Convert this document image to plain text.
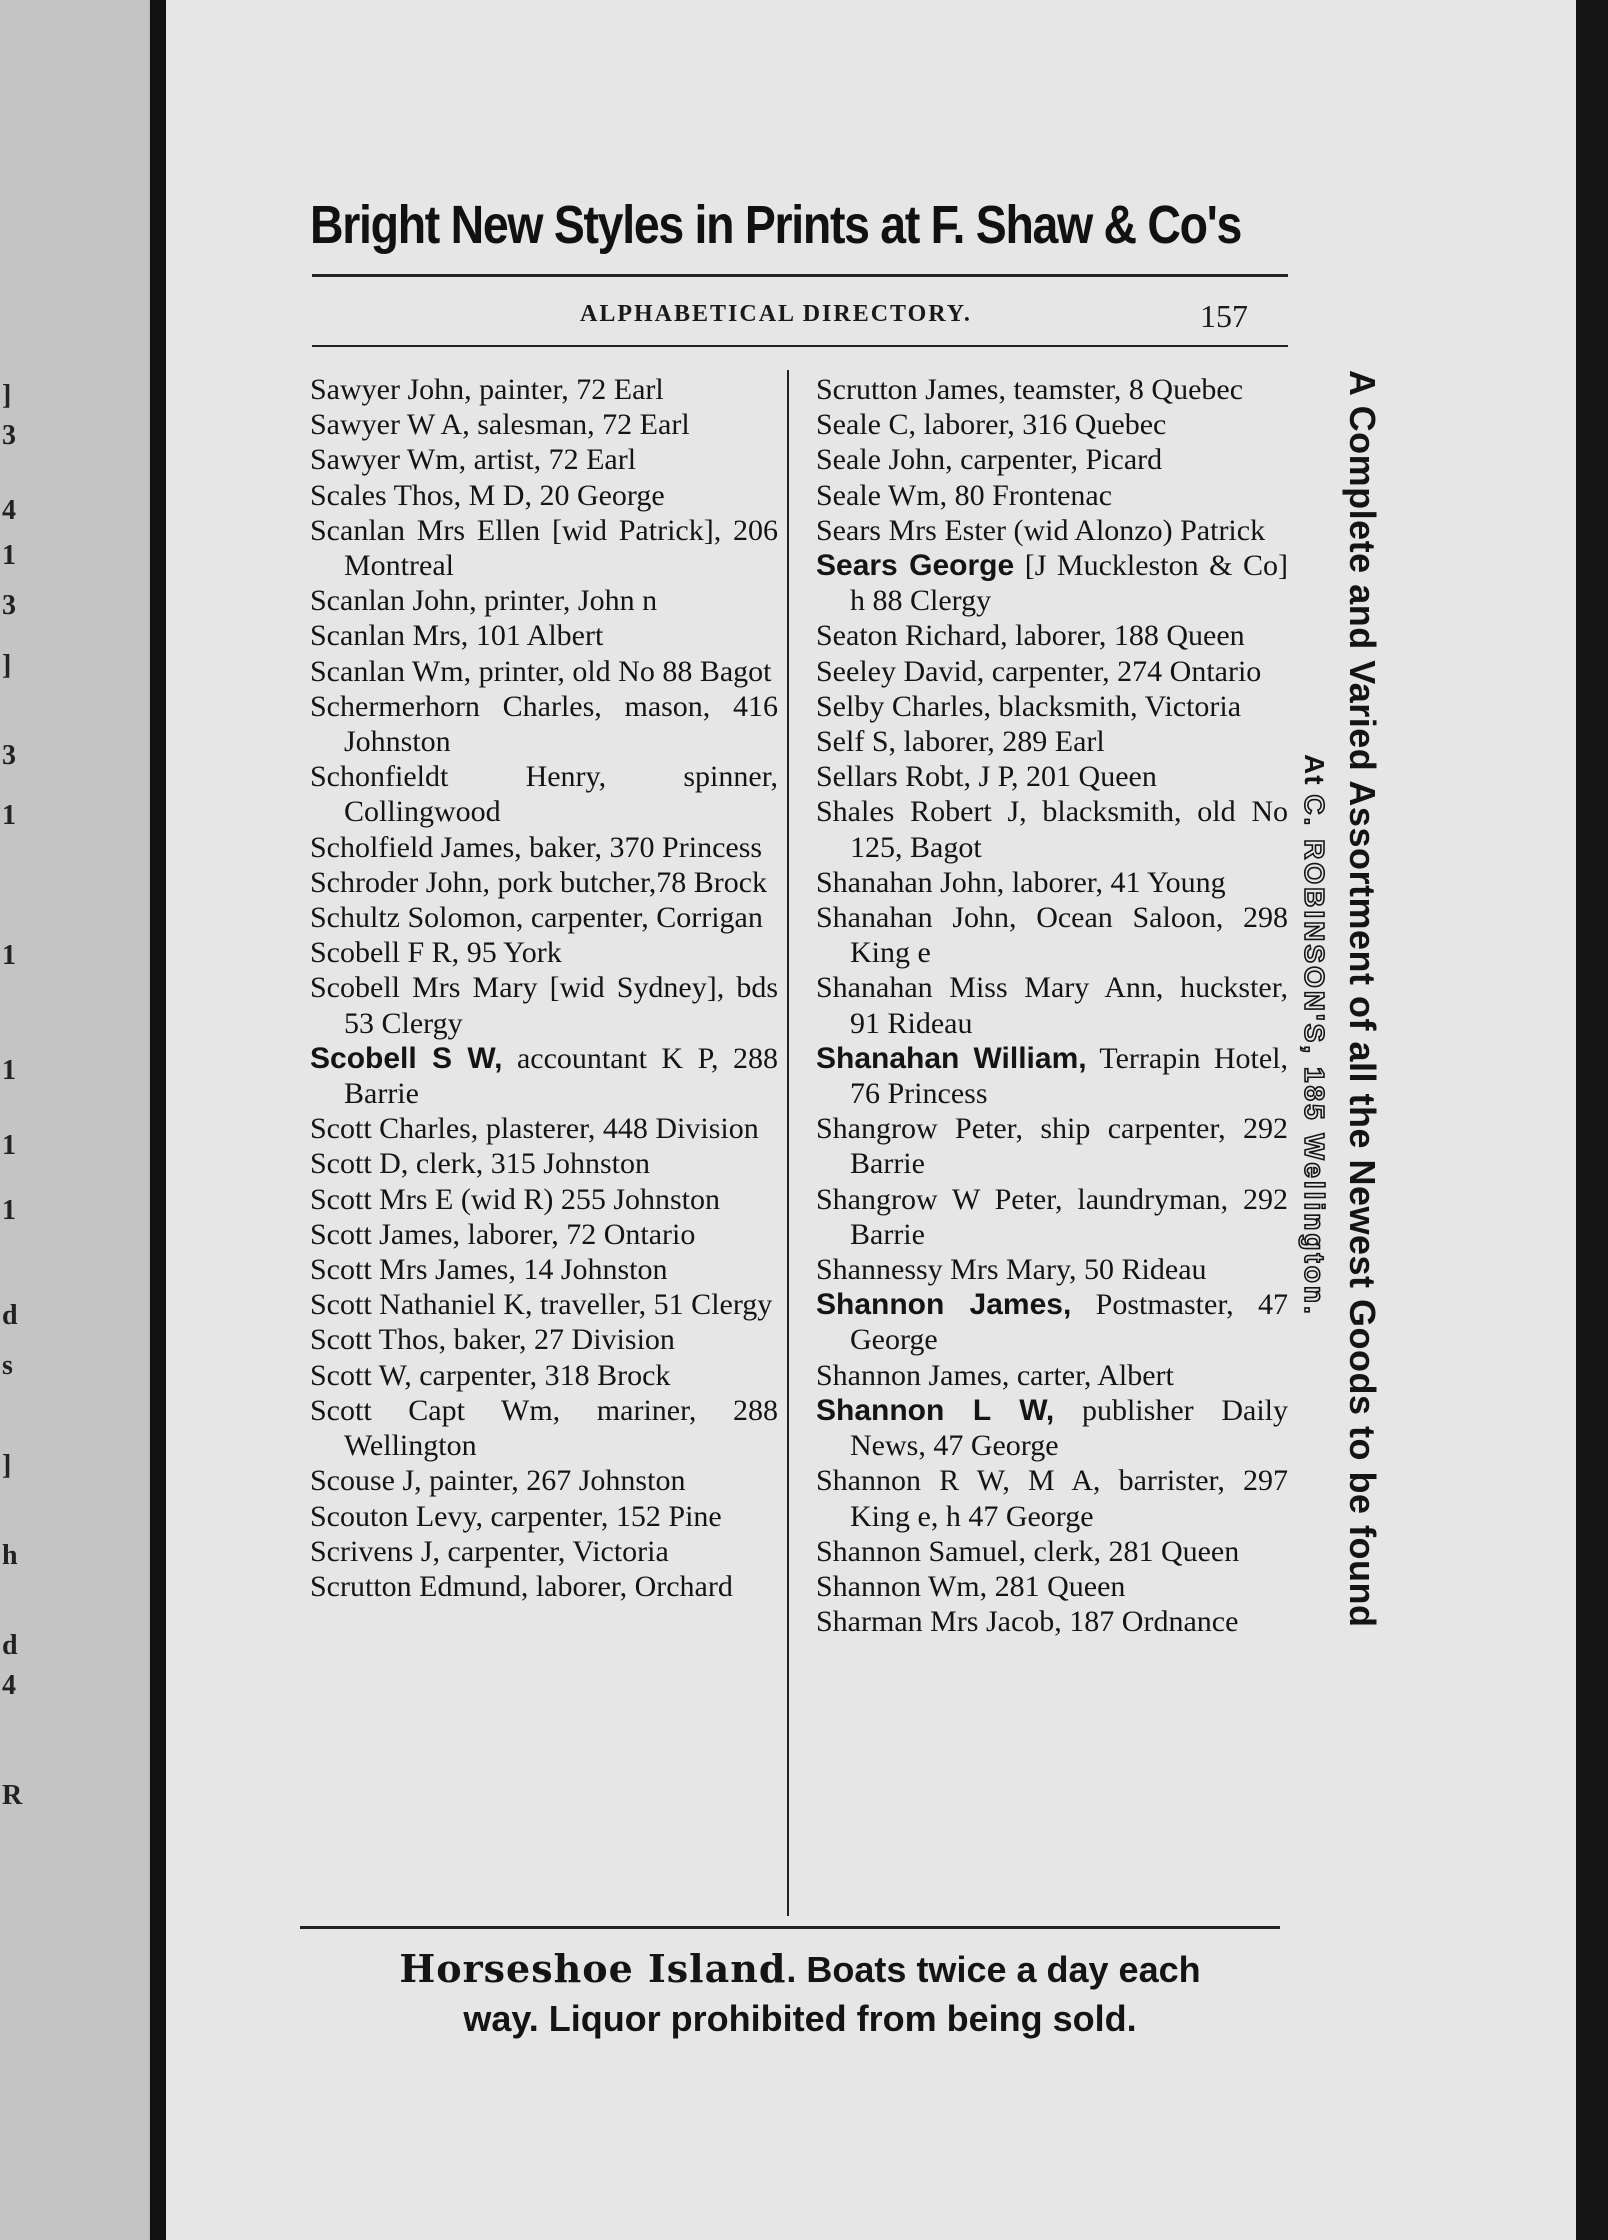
]
3
4
1
3
]
3
1
1
1
1
1
d
s
]
h
d
4
R
Bright New Styles in Prints at F. Shaw & Co's
ALPHABETICAL DIRECTORY.	157
Sawyer John, painter, 72 Earl
Sawyer W A, salesman, 72 Earl
Sawyer Wm, artist, 72 Earl
Scales Thos, M D, 20 George
Scanlan Mrs Ellen [wid Patrick], 206 Montreal
Scanlan John, printer, John n
Scanlan Mrs, 101 Albert
Scanlan Wm, printer, old No 88 Bagot
Schermerhorn Charles, mason, 416 Johnston
Schonfieldt Henry,	spinner, Collingwood
Scholfield James, baker, 370 Princess
Schroder John, pork butcher,78 Brock
Schultz Solomon, carpenter, Corrigan
Scobell F R, 95 York
Scobell Mrs Mary [wid Sydney], bds 53 Clergy
Scobell S W, accountant K P, 288 Barrie
Scott Charles, plasterer, 448 Division
Scott D, clerk, 315 Johnston
Scott Mrs E (wid R) 255 Johnston
Scott James, laborer, 72 Ontario
Scott Mrs James, 14 Johnston
Scott Nathaniel K, traveller, 51 Clergy
Scott Thos, baker, 27 Division
Scott W, carpenter, 318 Brock
Scott Capt Wm, mariner, 288 Wellington
Scouse J, painter, 267 Johnston
Scouton Levy, carpenter, 152 Pine
Scrivens J, carpenter, Victoria
Scrutton Edmund, laborer, Orchard
Scrutton James, teamster, 8 Quebec
Seale C, laborer, 316 Quebec
Seale John, carpenter, Picard
Seale Wm, 80 Frontenac
Sears Mrs Ester (wid Alonzo) Patrick
Sears George [J Muckleston & Co] h 88 Clergy
Seaton Richard, laborer, 188 Queen
Seeley David, carpenter, 274 Ontario
Selby Charles, blacksmith, Victoria
Self S, laborer, 289 Earl
Sellars Robt, J P, 201 Queen
Shales Robert J, blacksmith, old No 125, Bagot
Shanahan John, laborer, 41 Young
Shanahan John, Ocean Saloon, 298 King e
Shanahan Miss Mary Ann, huckster, 91 Rideau
Shanahan William, Terrapin Hotel, 76 Princess
Shangrow Peter, ship carpenter, 292 Barrie
Shangrow W Peter, laundryman, 292 Barrie
Shannessy Mrs Mary, 50 Rideau
Shannon James, Postmaster, 47 George
Shannon James, carter, Albert
Shannon L W, publisher Daily News, 47 George
Shannon R W, M A, barrister, 297 King e, h 47 George
Shannon Samuel, clerk, 281 Queen
Shannon Wm, 281 Queen
Sharman Mrs Jacob, 187 Ordnance
Horseshoe Island. Boats twice a day each
way. Liquor prohibited from being sold.
A Complete and Varied Assortment of all the Newest Goods to be found
At C. ROBINSON'S, 185 Wellington.
